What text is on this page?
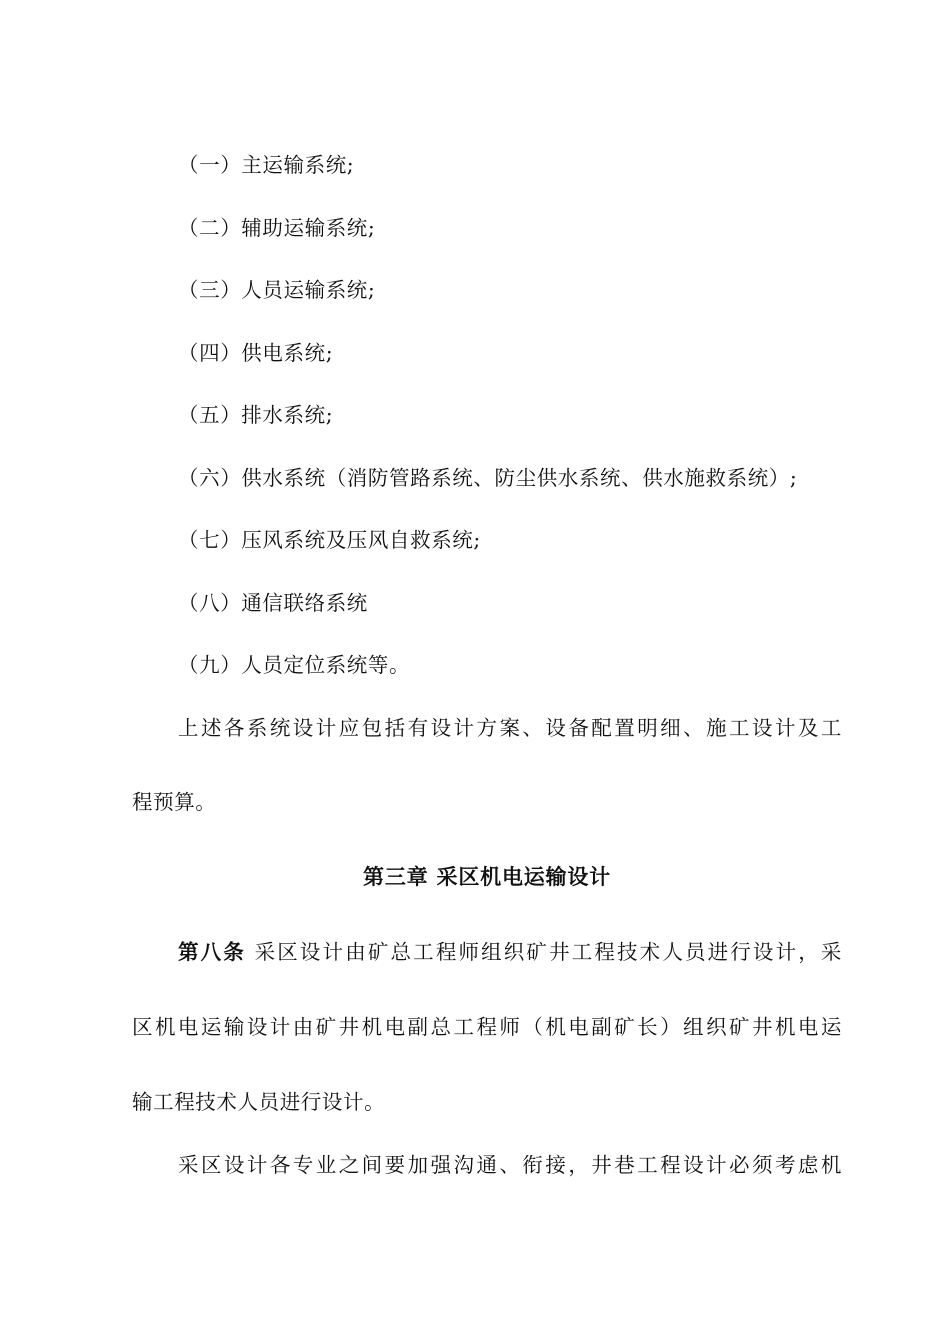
（一）主运输系统;
（二）辅助运输系统;
（三）人员运输系统;
（四）供电系统;
（五）排水系统;
（六）供水系统（消防管路系统、防尘供水系统、供水施救系统）;
（七）压风系统及压风自救系统;
（八）通信联络系统
（九）人员定位系统等。
上述各系统设计应包括有设计方案、设备配置明细、施工设计及工
程预算。
第三章 采区机电运输设计
第八条 采区设计由矿总工程师组织矿井工程技术人员进行设计，采
区机电运输设计由矿井机电副总工程师（机电副矿长）组织矿井机电运
输工程技术人员进行设计。
采区设计各专业之间要加强沟通、衔接，井巷工程设计必须考虑机
